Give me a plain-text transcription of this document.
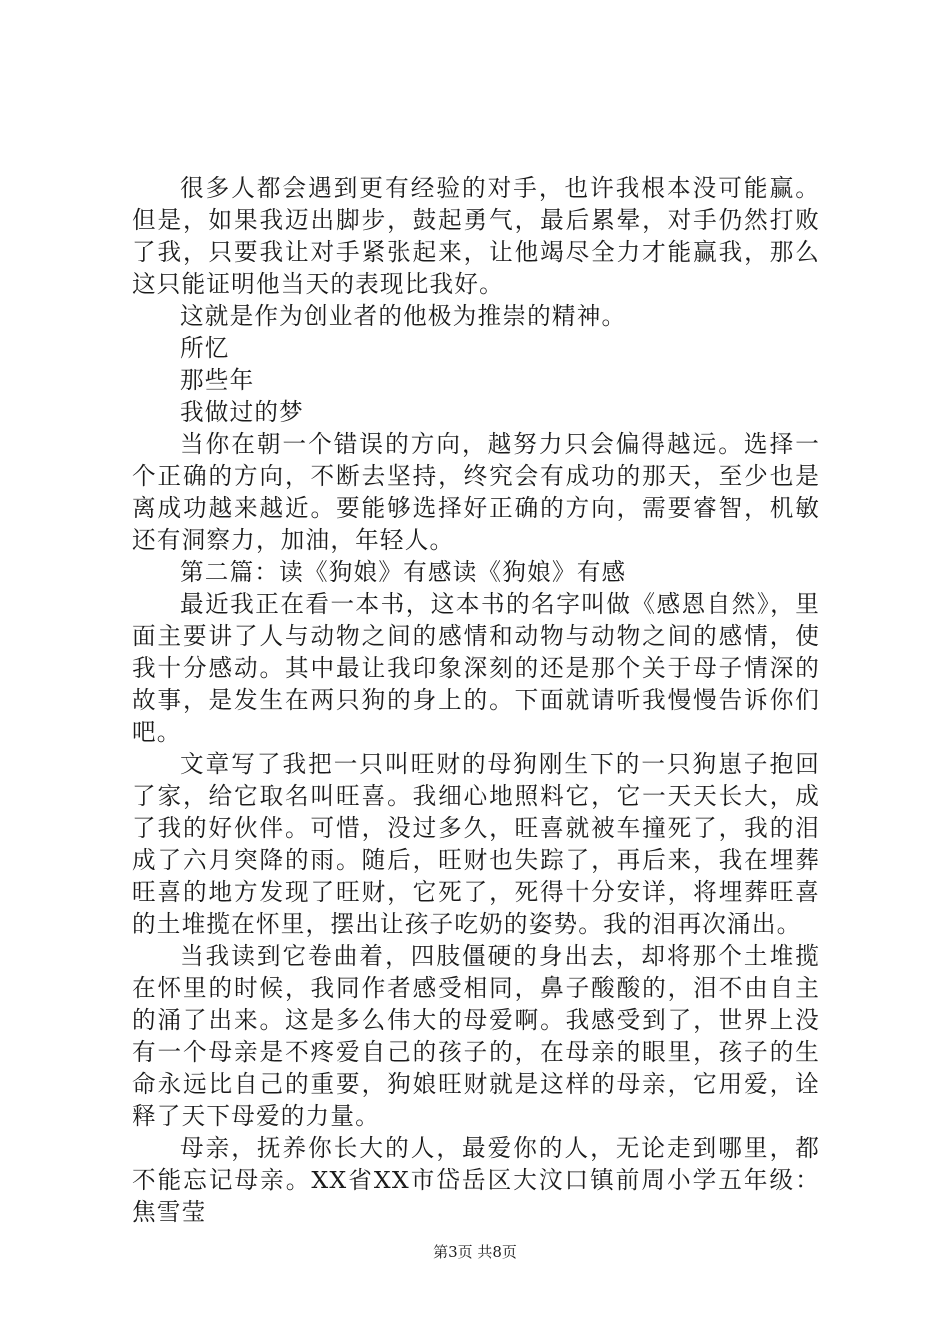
很多人都会遇到更有经验的对手，也许我根本没可能赢。但是，如果我迈出脚步，鼓起勇气，最后累晕，对手仍然打败了我，只要我让对手紧张起来，让他竭尽全力才能赢我，那么这只能证明他当天的表现比我好。

这就是作为创业者的他极为推崇的精神。

所忆

那些年

我做过的梦

当你在朝一个错误的方向，越努力只会偏得越远。选择一个正确的方向，不断去坚持，终究会有成功的那天，至少也是离成功越来越近。要能够选择好正确的方向，需要睿智，机敏还有洞察力，加油，年轻人。

第二篇：读《狗娘》有感读《狗娘》有感

最近我正在看一本书，这本书的名字叫做《感恩自然》，里面主要讲了人与动物之间的感情和动物与动物之间的感情，使我十分感动。其中最让我印象深刻的还是那个关于母子情深的故事，是发生在两只狗的身上的。下面就请听我慢慢告诉你们吧。

文章写了我把一只叫旺财的母狗刚生下的一只狗崽子抱回了家，给它取名叫旺喜。我细心地照料它，它一天天长大，成了我的好伙伴。可惜，没过多久，旺喜就被车撞死了，我的泪成了六月突降的雨。随后，旺财也失踪了，再后来，我在埋葬旺喜的地方发现了旺财，它死了，死得十分安详，将埋葬旺喜的土堆揽在怀里，摆出让孩子吃奶的姿势。我的泪再次涌出。

当我读到它卷曲着，四肢僵硬的身出去，却将那个土堆揽在怀里的时候，我同作者感受相同，鼻子酸酸的，泪不由自主的涌了出来。这是多么伟大的母爱啊。我感受到了，世界上没有一个母亲是不疼爱自己的孩子的，在母亲的眼里，孩子的生命永远比自己的重要，狗娘旺财就是这样的母亲，它用爱，诠释了天下母爱的力量。

母亲，抚养你长大的人，最爱你的人，无论走到哪里，都不能忘记母亲。XX省XX市岱岳区大汶口镇前周小学五年级：焦雪莹

第3页 共8页
